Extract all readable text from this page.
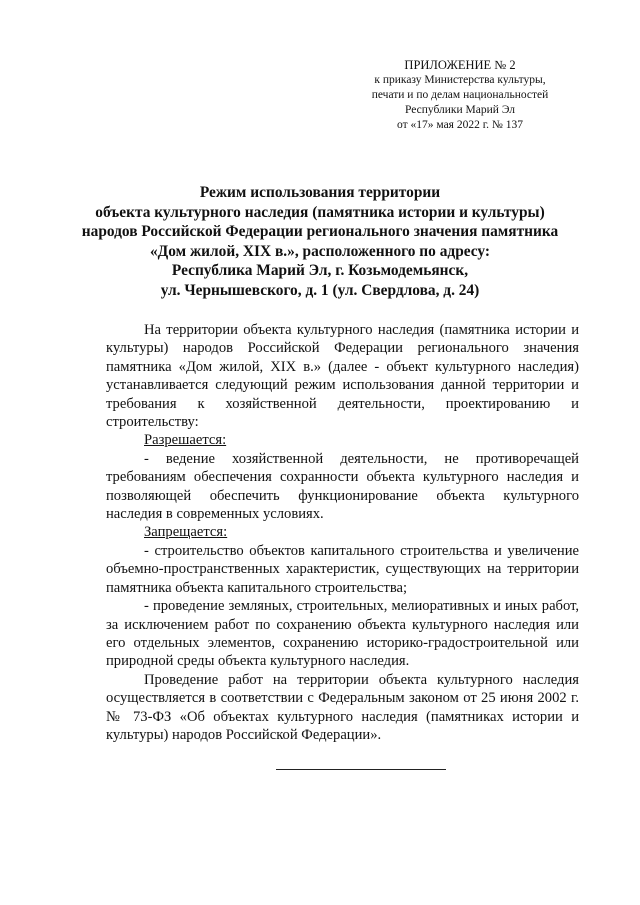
ПРИЛОЖЕНИЕ № 2
к приказу Министерства культуры,
печати и по делам национальностей
Республики Марий Эл
от «17» мая 2022 г. № 137
Режим использования территории
объекта культурного наследия (памятника истории и культуры)
народов Российской Федерации регионального значения памятника
«Дом жилой, XIX в.», расположенного по адресу:
Республика Марий Эл, г. Козьмодемьянск,
ул. Чернышевского, д. 1 (ул. Свердлова, д. 24)

На территории объекта культурного наследия (памятника истории и культуры) народов Российской Федерации регионального значения памятника «Дом жилой, XIX в.» (далее - объект культурного наследия) устанавливается следующий режим использования данной территории и требования к хозяйственной деятельности, проектированию и строительству:

Разрешается:

- ведение хозяйственной деятельности, не противоречащей требованиям обеспечения сохранности объекта культурного наследия и позволяющей обеспечить функционирование объекта культурного наследия в современных условиях.

Запрещается:

- строительство объектов капитального строительства и увеличение объемно-пространственных характеристик, существующих на территории памятника объекта капитального строительства;

- проведение земляных, строительных, мелиоративных и иных работ, за исключением работ по сохранению объекта культурного наследия или его отдельных элементов, сохранению историко-градостроительной или природной среды объекта культурного наследия.

Проведение работ на территории объекта культурного наследия осуществляется в соответствии с Федеральным законом от 25 июня 2002 г. № 73-ФЗ «Об объектах культурного наследия (памятниках истории и культуры) народов Российской Федерации».
